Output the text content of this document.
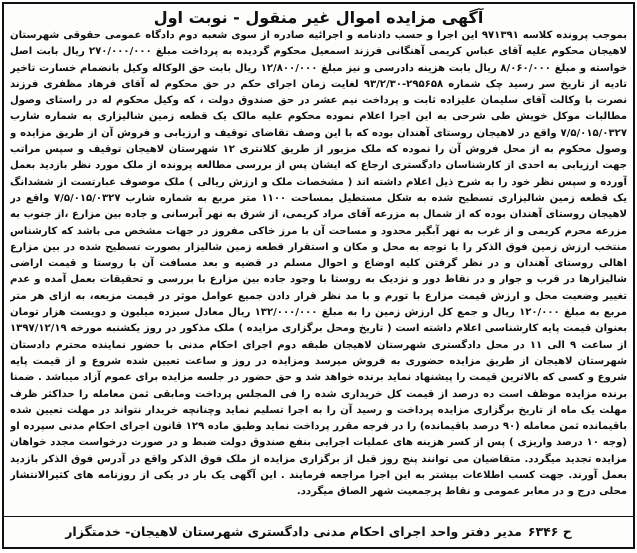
آگهی مزایده اموال غیر منقول - نوبت اول
بموجب پرونده کلاسه ۹۷۱۳۹۱ این اجرا و حسب دادنامه و اجرائیه صادره از سوی شعبه دوم دادگاه عمومی حقوقی شهرستان لاهیجان محکوم علیه آقای عباس کریمی آهنگانی فرزند اسمعیل محکوم گردیده به پرداخت مبلغ ۲۷۰/۰۰۰/۰۰۰ ریال بابت اصل خواسته و مبلغ ۸/۰۶۰/۰۰۰ ریال بابت هزینه دادرسی و نیز مبلغ ۱۲/۸۰۰/۰۰۰ ریال بابت حق الوکاله وکیل بانضمام خسارت تاخیر تادیه از تاریخ سر رسید چک شماره ۲۹۵۶۵۸-۹۳/۲/۳۰ لغایت زمان اجرای حکم در حق محکوم له آقای فرهاد مظفری فرزند نصرت با وکالت آقای سلیمان علیزاده ثابت و پرداخت نیم عشر در حق صندوق دولت ، که وکیل محکوم له در راستای وصول مطالبات موکل خویش طی شرحی به این اجرا اعلام نموده محکوم علیه مالک یک قطعه زمین شالیزاری به شماره شارب ۷/۵/۰۱۵/۰۳۲۷ واقع در لاهیجان روستای آهندان بوده که با این وصف تقاضای توقیف و ارزیابی و فروش آن از طریق مزایده و وصول محکوم به از محل فروش آن را نموده که ملک مزبور از طریق کلانتری ۱۲ شهرستان لاهیجان توقیف و سپس مراتب جهت ارزیابی به احدی از کارشناسان دادگستری ارجاع که ایشان پس از بررسی مطالعه پرونده از ملک مورد نظر بازدید بعمل آورده و سپس نظر خود را به شرح ذیل اعلام داشته اند ( مشخصات ملک و ارزش ریالی ) ملک موصوف عبارتست از ششدانگ یک قطعه زمین شالیزاری تسطیح شده به شکل مستطیل بمساحت ۱۱۰۰ متر مربع به شماره شارب ۷/۵/۰۱۵/۰۳۲۷ واقع در لاهیجان روستای آهندان بوده که از شمال به مزرعه آقای مراد کریمی، از شرق به نهر آبرسانی و جاده بین مزارع ،از جنوب به مزرعه محرم کریمی و از غرب به نهر آبگیر محدود و مساحت آن با مرز خاکی مفروز در جهات مشخص می باشد که کارشناس منتخب ارزش زمین فوق الذکر را با توجه به محل و مکان و استقرار قطعه زمین شالیزار بصورت تسطیح شده در بین مزارع اهالی روستای آهندان و در نظر گرفتن کلیه اوضاع و احوال مسلم در قضیه و بعد مسافت آن با روستا و قیمت اراضی شالیزارها در قرب و جوار و در نقاط دور و نزدیک به روستا با وجود جاده بین مزارع با بررسی و تحقیقات بعمل آمده و عدم تغییر وضعیت محل و ارزش قیمت مزارع با تورم و با مد نظر قرار دادن جمیع عوامل موثر در قیمت مزیعه، به ازای هر متر مربع به مبلغ ۱۲۰/۰۰۰ ریال و جمع کل ارزش زمین را به مبلغ ۱۳۲/۰۰۰/۰۰۰ ریال معادل سیزده میلیون و دویست هزار تومان بعنوان قیمت پایه کارشناسی اعلام داشته است ( تاریخ ومحل برگزاری مزایده ) ملک مذکور در روز یکشنبه مورخه ۱۳۹۷/۱۲/۱۹ از ساعت ۹ الی ۱۱ در محل دادگستری شهرستان لاهیجان طبقه دوم اجرای احکام مدنی با حضور نماینده محترم دادستان شهرستان لاهیجان از طریق مزایده حضوری به فروش میرسد ومزایده در روز و ساعت تعیین شده شروع و از قیمت پایه شروع و کسی که بالاترین قیمت را پیشنهاد نماید برنده خواهد شد و حق حضور در جلسه مزایده برای عموم آزاد میباشد . ضمنا برنده مزایده موظف است ده درصد از قیمت کل خریداری شده را فی المجلس پرداخت ومابقی ثمن معامله را حداکثر ظرف مهلت یک ماه از تاریخ برگزاری مزایده پرداخت و رسید آن را به اجرا تسلیم نماید وچنانچه خریدار نتواند در مهلت تعیین شده باقیمانده ثمن معامله (۹۰ درصد باقیمانده) را در فرجه مقرر پرداخت نماید وطبق ماده ۱۲۹ قانون اجرای احکام مدنی سپرده او (وجه ۱۰ درصد واریزی ) پس از کسر هزینه های عملیات اجرایی بنفع صندوق دولت ضبط و در صورت درخواست مجدد خواهان مزایده تجدید میگردد. متقاضیان می توانند پنج روز قبل از برگزاری مزایده از ملک فوق الذکر واقع در آدرس فوق الذکر بازدید بعمل آورند. جهت کسب اطلاعات بیشتر به این اجرا مراجعه فرمایند . این آگهی یک بار در یکی از روزنامه های کثیرالانتشار محلی درج و در معابر عمومی و نقاط پرجمعیت شهر الصاق میگردد.
ح ۶۳۴۶
مدیر دفتر واحد اجرای احکام مدنی دادگستری شهرستان لاهیجان- خدمتگزار
